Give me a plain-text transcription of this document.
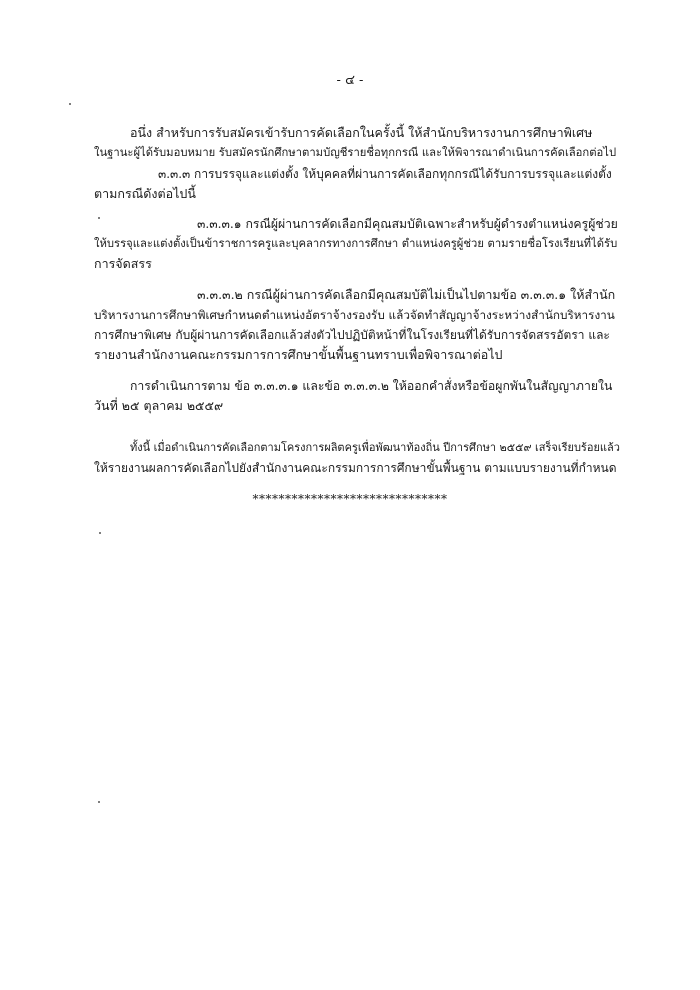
- ๔ -
อนึ่ง สำหรับการรับสมัครเข้ารับการคัดเลือกในครั้งนี้ ให้สำนักบริหารงานการศึกษาพิเศษ
ในฐานะผู้ได้รับมอบหมาย รับสมัครนักศึกษาตามบัญชีรายชื่อทุกกรณี และให้พิจารณาดำเนินการคัดเลือกต่อไป
๓.๓.๓ การบรรจุและแต่งตั้ง ให้บุคคลที่ผ่านการคัดเลือกทุกกรณีได้รับการบรรจุและแต่งตั้ง
ตามกรณีดังต่อไปนี้
๓.๓.๓.๑ กรณีผู้ผ่านการคัดเลือกมีคุณสมบัติเฉพาะสำหรับผู้ดำรงตำแหน่งครูผู้ช่วย
ให้บรรจุและแต่งตั้งเป็นข้าราชการครูและบุคลากรทางการศึกษา ตำแหน่งครูผู้ช่วย ตามรายชื่อโรงเรียนที่ได้รับ
การจัดสรร
๓.๓.๓.๒ กรณีผู้ผ่านการคัดเลือกมีคุณสมบัติไม่เป็นไปตามข้อ ๓.๓.๓.๑ ให้สำนัก
บริหารงานการศึกษาพิเศษกำหนดตำแหน่งอัตราจ้างรองรับ แล้วจัดทำสัญญาจ้างระหว่างสำนักบริหารงาน
การศึกษาพิเศษ กับผู้ผ่านการคัดเลือกแล้วส่งตัวไปปฏิบัติหน้าที่ในโรงเรียนที่ได้รับการจัดสรรอัตรา และ
รายงานสำนักงานคณะกรรมการการศึกษาขั้นพื้นฐานทราบเพื่อพิจารณาต่อไป
การดำเนินการตาม ข้อ ๓.๓.๓.๑ และข้อ ๓.๓.๓.๒ ให้ออกคำสั่งหรือข้อผูกพันในสัญญาภายใน
วันที่ ๒๕ ตุลาคม ๒๕๕๙
ทั้งนี้ เมื่อดำเนินการคัดเลือกตามโครงการผลิตครูเพื่อพัฒนาท้องถิ่น ปีการศึกษา ๒๕๕๙ เสร็จเรียบร้อยแล้ว
ให้รายงานผลการคัดเลือกไปยังสำนักงานคณะกรรมการการศึกษาขั้นพื้นฐาน ตามแบบรายงานที่กำหนด
******************************
